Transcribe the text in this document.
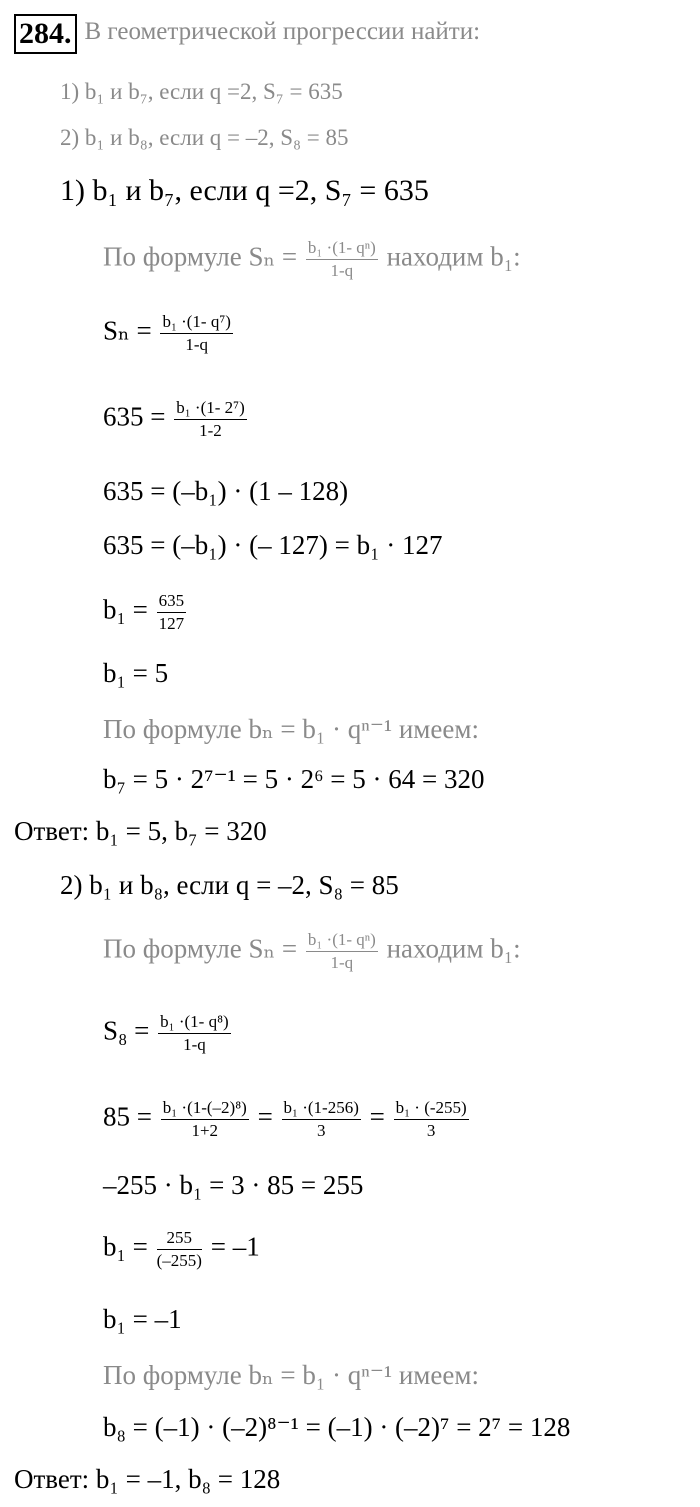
284. В геометрической прогрессии найти:
1) b₁ и b₇, если q =2, S₇ = 635
2) b₁ и b₈, если q = –2, S₈ = 85
1) b₁ и b₇, если q =2, S₇ = 635
По формуле $S_n = \frac{\text{b₁ ·(1- qⁿ)}}{1-q}$ находим b₁:
$S_n = \frac{\text{b₁ ·(1- q⁷)}}{1-q}$
$635 = \frac{\text{b₁ ·(1- 2⁷)}}{1-2}$
635 = (–b₁) · (1 – 128)
635 = (–b₁) · (– 127) = b₁ · 127
$b_1 = \frac{635}{127}$
b₁ = 5
По формуле bₙ = b₁ · qⁿ⁻¹ имеем:
b₇ = 5 · 2⁷⁻¹ = 5 · 2⁶ = 5 · 64 = 320
Ответ: b₁ = 5, b₇ = 320
2) b₁ и b₈, если q = –2, S₈ = 85
По формуле $S_n = \frac{\text{b₁ ·(1- qⁿ)}}{1-q}$ находим b₁:
$S_8 = \frac{\text{b₁ ·(1- q⁸)}}{1-q}$
$85 = \frac{\text{b₁ ·(1-(–2)⁸)}}{1+2} = \frac{\text{b₁ ·(1-256)}}{3} = \frac{\text{b₁ · (-255)}}{3}$
–255 · b₁ = 3 · 85 = 255
$b_1 = \frac{255}{(-255)} = -1$
b₁ = –1
По формуле bₙ = b₁ · qⁿ⁻¹ имеем:
b₈ = (–1) · (–2)⁸⁻¹ = (–1) · (–2)⁷ = 2⁷ = 128
Ответ: b₁ = –1, b₈ = 128
